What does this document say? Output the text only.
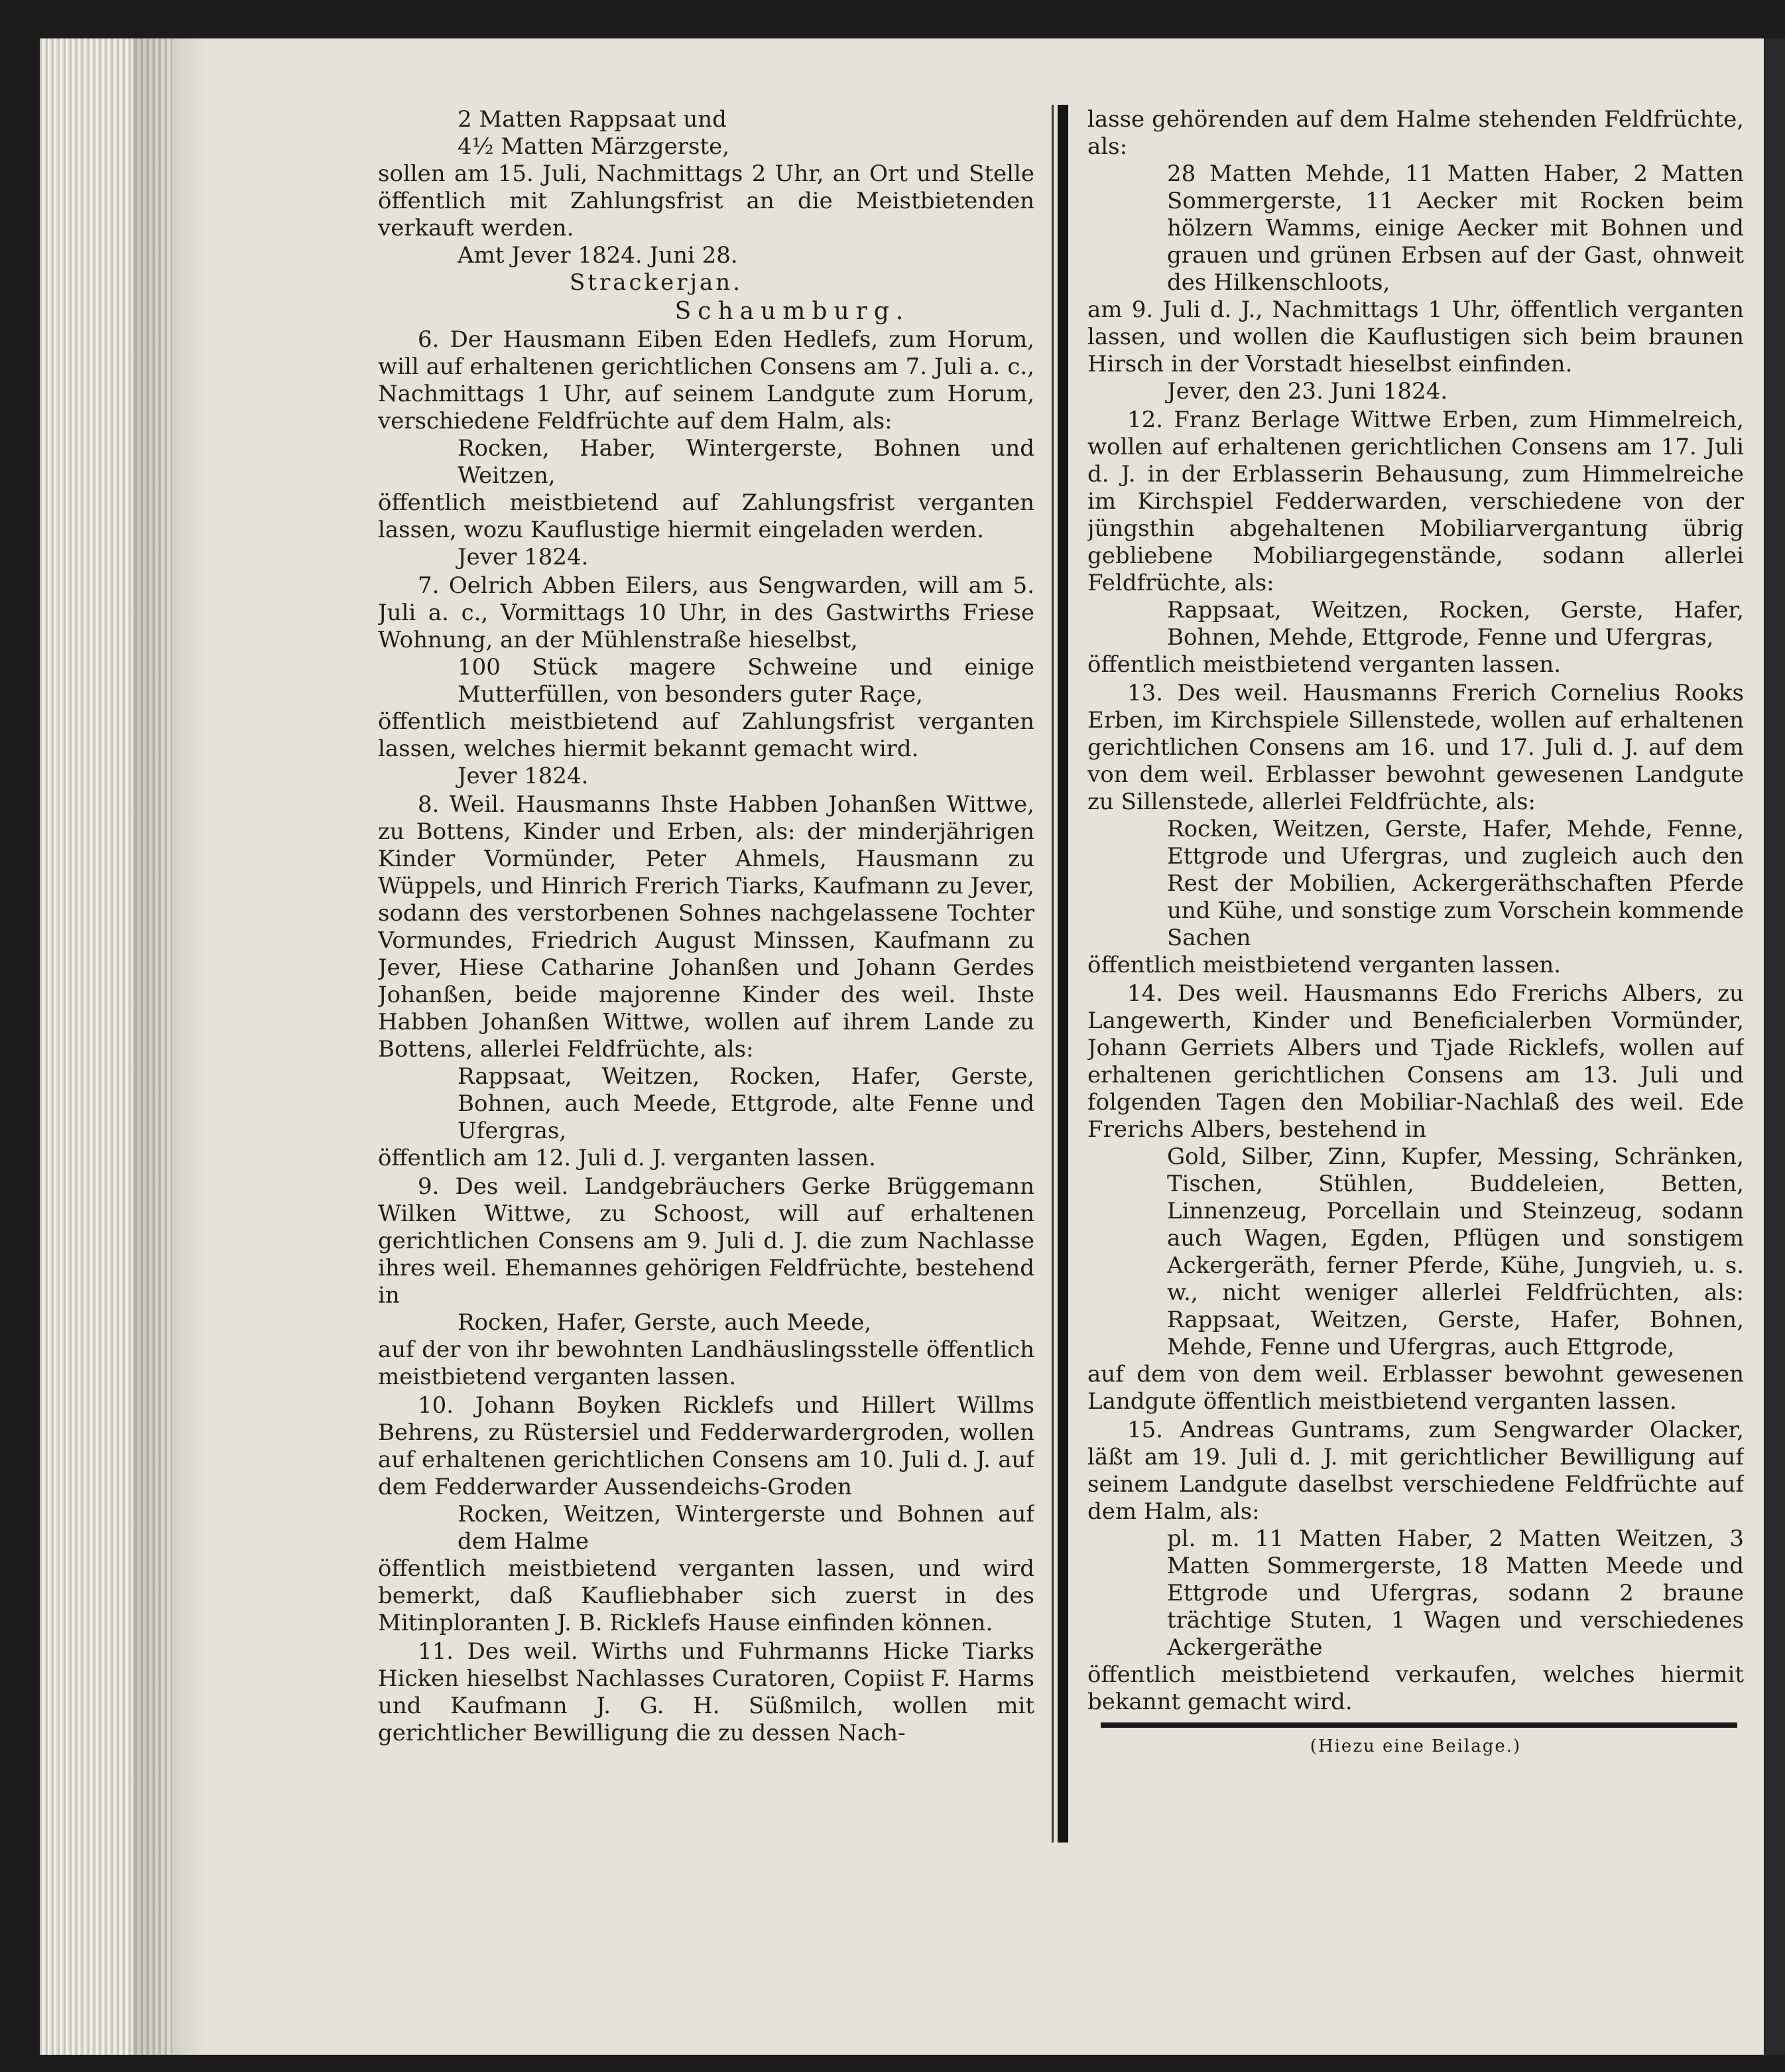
2 Matten Rappsaat und

4½ Matten Märzgerste,

sollen am 15. Juli, Nachmittags 2 Uhr, an Ort und Stelle öffentlich mit Zahlungsfrist an die Meistbietenden verkauft werden.

Amt Jever 1824. Juni 28.

Strackerjan.

Schaumburg.

6. Der Hausmann Eiben Eden Hedlefs, zum Horum, will auf erhaltenen gerichtlichen Consens am 7. Juli a. c., Nachmittags 1 Uhr, auf seinem Landgute zum Horum, verschiedene Feldfrüchte auf dem Halm, als:

Rocken, Haber, Wintergerste, Bohnen und Weitzen,

öffentlich meistbietend auf Zahlungsfrist verganten lassen, wozu Kauflustige hiermit eingeladen werden.

Jever 1824.

7. Oelrich Abben Eilers, aus Sengwarden, will am 5. Juli a. c., Vormittags 10 Uhr, in des Gastwirths Friese Wohnung, an der Mühlenstraße hieselbst,

100 Stück magere Schweine und einige Mutterfüllen, von besonders guter Raçe,

öffentlich meistbietend auf Zahlungsfrist verganten lassen, welches hiermit bekannt gemacht wird.

Jever 1824.

8. Weil. Hausmanns Ihste Habben Johanßen Wittwe, zu Bottens, Kinder und Erben, als: der minderjährigen Kinder Vormünder, Peter Ahmels, Hausmann zu Wüppels, und Hinrich Frerich Tiarks, Kaufmann zu Jever, sodann des verstorbenen Sohnes nachgelassene Tochter Vormundes, Friedrich August Minssen, Kaufmann zu Jever, Hiese Catharine Johanßen und Johann Gerdes Johanßen, beide majorenne Kinder des weil. Ihste Habben Johanßen Wittwe, wollen auf ihrem Lande zu Bottens, allerlei Feldfrüchte, als:

Rappsaat, Weitzen, Rocken, Hafer, Gerste, Bohnen, auch Meede, Ettgrode, alte Fenne und Ufergras,

öffentlich am 12. Juli d. J. verganten lassen.

9. Des weil. Landgebräuchers Gerke Brüggemann Wilken Wittwe, zu Schoost, will auf erhaltenen gerichtlichen Consens am 9. Juli d. J. die zum Nachlasse ihres weil. Ehemannes gehörigen Feldfrüchte, bestehend in

Rocken, Hafer, Gerste, auch Meede,

auf der von ihr bewohnten Landhäuslingsstelle öffentlich meistbietend verganten lassen.

10. Johann Boyken Ricklefs und Hillert Willms Behrens, zu Rüstersiel und Fedderwardergroden, wollen auf erhaltenen gerichtlichen Consens am 10. Juli d. J. auf dem Fedderwarder Aussendeichs-Groden

Rocken, Weitzen, Wintergerste und Bohnen auf dem Halme

öffentlich meistbietend verganten lassen, und wird bemerkt, daß Kaufliebhaber sich zuerst in des Mitinploranten J. B. Ricklefs Hause einfinden können.

11. Des weil. Wirths und Fuhrmanns Hicke Tiarks Hicken hieselbst Nachlasses Curatoren, Copiist F. Harms und Kaufmann J. G. H. Süßmilch, wollen mit gerichtlicher Bewilligung die zu dessen Nach-

lasse gehörenden auf dem Halme stehenden Feldfrüchte, als:

28 Matten Mehde, 11 Matten Haber, 2 Matten Sommergerste, 11 Aecker mit Rocken beim hölzern Wamms, einige Aecker mit Bohnen und grauen und grünen Erbsen auf der Gast, ohnweit des Hilkenschloots,

am 9. Juli d. J., Nachmittags 1 Uhr, öffentlich verganten lassen, und wollen die Kauflustigen sich beim braunen Hirsch in der Vorstadt hieselbst einfinden.

Jever, den 23. Juni 1824.

12. Franz Berlage Wittwe Erben, zum Himmelreich, wollen auf erhaltenen gerichtlichen Consens am 17. Juli d. J. in der Erblasserin Behausung, zum Himmelreiche im Kirchspiel Fedderwarden, verschiedene von der jüngsthin abgehaltenen Mobiliarvergantung übrig gebliebene Mobiliargegenstände, sodann allerlei Feldfrüchte, als:

Rappsaat, Weitzen, Rocken, Gerste, Hafer, Bohnen, Mehde, Ettgrode, Fenne und Ufergras,

öffentlich meistbietend verganten lassen.

13. Des weil. Hausmanns Frerich Cornelius Rooks Erben, im Kirchspiele Sillenstede, wollen auf erhaltenen gerichtlichen Consens am 16. und 17. Juli d. J. auf dem von dem weil. Erblasser bewohnt gewesenen Landgute zu Sillenstede, allerlei Feldfrüchte, als:

Rocken, Weitzen, Gerste, Hafer, Mehde, Fenne, Ettgrode und Ufergras, und zugleich auch den Rest der Mobilien, Ackergeräthschaften Pferde und Kühe, und sonstige zum Vorschein kommende Sachen

öffentlich meistbietend verganten lassen.

14. Des weil. Hausmanns Edo Frerichs Albers, zu Langewerth, Kinder und Beneficialerben Vormünder, Johann Gerriets Albers und Tjade Ricklefs, wollen auf erhaltenen gerichtlichen Consens am 13. Juli und folgenden Tagen den Mobiliar-Nachlaß des weil. Ede Frerichs Albers, bestehend in

Gold, Silber, Zinn, Kupfer, Messing, Schränken, Tischen, Stühlen, Buddeleien, Betten, Linnenzeug, Porcellain und Steinzeug, sodann auch Wagen, Egden, Pflügen und sonstigem Ackergeräth, ferner Pferde, Kühe, Jungvieh, u. s. w., nicht weniger allerlei Feldfrüchten, als: Rappsaat, Weitzen, Gerste, Hafer, Bohnen, Mehde, Fenne und Ufergras, auch Ettgrode,

auf dem von dem weil. Erblasser bewohnt gewesenen Landgute öffentlich meistbietend verganten lassen.

15. Andreas Guntrams, zum Sengwarder Olacker, läßt am 19. Juli d. J. mit gerichtlicher Bewilligung auf seinem Landgute daselbst verschiedene Feldfrüchte auf dem Halm, als:

pl. m. 11 Matten Haber, 2 Matten Weitzen, 3 Matten Sommergerste, 18 Matten Meede und Ettgrode und Ufergras, sodann 2 braune trächtige Stuten, 1 Wagen und verschiedenes Ackergeräthe

öffentlich meistbietend verkaufen, welches hiermit bekannt gemacht wird.

(Hiezu eine Beilage.)
